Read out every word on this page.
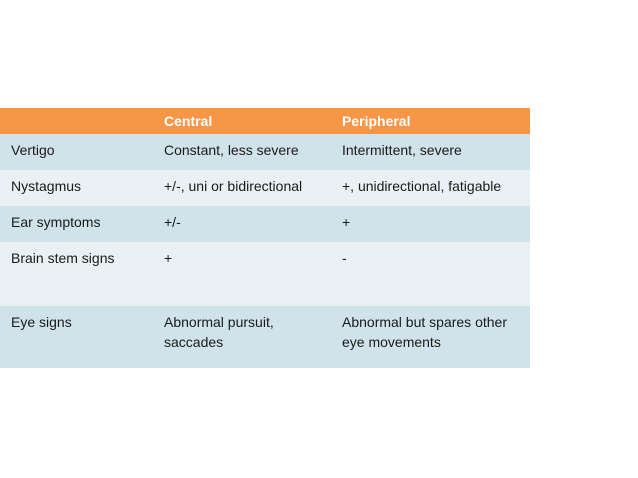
	Central	Peripheral

Vertigo	Constant, less severe	Intermittent, severe

Nystagmus	+/-, uni or bidirectional	+, unidirectional, fatigable

Ear symptoms	+/-	+

Brain stem signs	+	-

Eye signs	Abnormal pursuit, saccades	Abnormal but spares other eye movements
